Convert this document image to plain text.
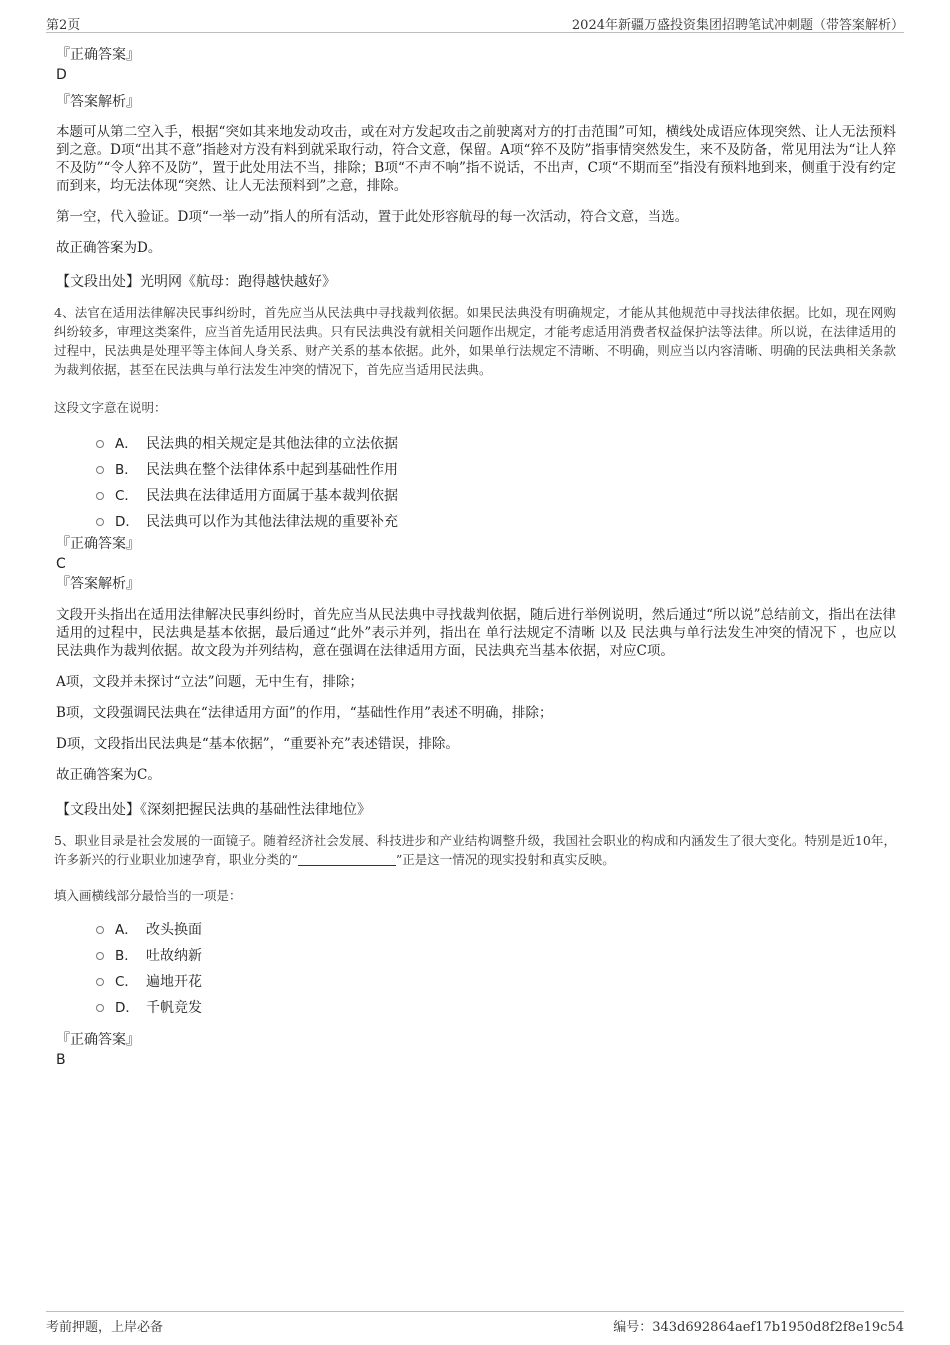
第2页	2024年新疆万盛投资集团招聘笔试冲刺题（带答案解析）

『正确答案』

D

『答案解析』

本题可从第二空入手，根据“突如其来地发动攻击，或在对方发起攻击之前驶离对方的打击范围”可知，横线处成语应体现突然、让人无法预料到之意。D项“出其不意”指趁对方没有料到就采取行动，符合文意，保留。A项“猝不及防”指事情突然发生，来不及防备，常见用法为“让人猝不及防”“令人猝不及防”，置于此处用法不当，排除；B项“不声不响”指不说话，不出声，C项“不期而至”指没有预料地到来，侧重于没有约定而到来，均无法体现“突然、让人无法预料到”之意，排除。

第一空，代入验证。D项“一举一动”指人的所有活动，置于此处形容航母的每一次活动，符合文意，当选。

故正确答案为D。

【文段出处】光明网《航母：跑得越快越好》

4、法官在适用法律解决民事纠纷时，首先应当从民法典中寻找裁判依据。如果民法典没有明确规定，才能从其他规范中寻找法律依据。比如，现在网购纠纷较多，审理这类案件，应当首先适用民法典。只有民法典没有就相关问题作出规定，才能考虑适用消费者权益保护法等法律。所以说，在法律适用的过程中，民法典是处理平等主体间人身关系、财产关系的基本依据。此外，如果单行法规定不清晰、不明确，则应当以内容清晰、明确的民法典相关条款为裁判依据，甚至在民法典与单行法发生冲突的情况下，首先应当适用民法典。

这段文字意在说明：

A． 民法典的相关规定是其他法律的立法依据
B． 民法典在整个法律体系中起到基础性作用
C． 民法典在法律适用方面属于基本裁判依据
D． 民法典可以作为其他法律法规的重要补充

『正确答案』

C

『答案解析』

文段开头指出在适用法律解决民事纠纷时，首先应当从民法典中寻找裁判依据，随后进行举例说明，然后通过“所以说”总结前文，指出在法律适用的过程中，民法典是基本依据，最后通过“此外”表示并列，指出在 单行法规定不清晰 以及 民法典与单行法发生冲突的情况下 ，也应以民法典作为裁判依据。故文段为并列结构，意在强调在法律适用方面，民法典充当基本依据，对应C项。

A项，文段并未探讨“立法”问题，无中生有，排除；

B项，文段强调民法典在“法律适用方面”的作用，“基础性作用”表述不明确，排除；

D项，文段指出民法典是“基本依据”，“重要补充”表述错误，排除。

故正确答案为C。

【文段出处】《深刻把握民法典的基础性法律地位》

5、职业目录是社会发展的一面镜子。随着经济社会发展、科技进步和产业结构调整升级，我国社会职业的构成和内涵发生了很大变化。特别是近10年，许多新兴的行业职业加速孕育，职业分类的“	”正是这一情况的现实投射和真实反映。

填入画横线部分最恰当的一项是：

A． 改头换面
B． 吐故纳新
C． 遍地开花
D． 千帆竞发

『正确答案』

B

考前押题，上岸必备	编号：343d692864aef17b1950d8f2f8e19c54
